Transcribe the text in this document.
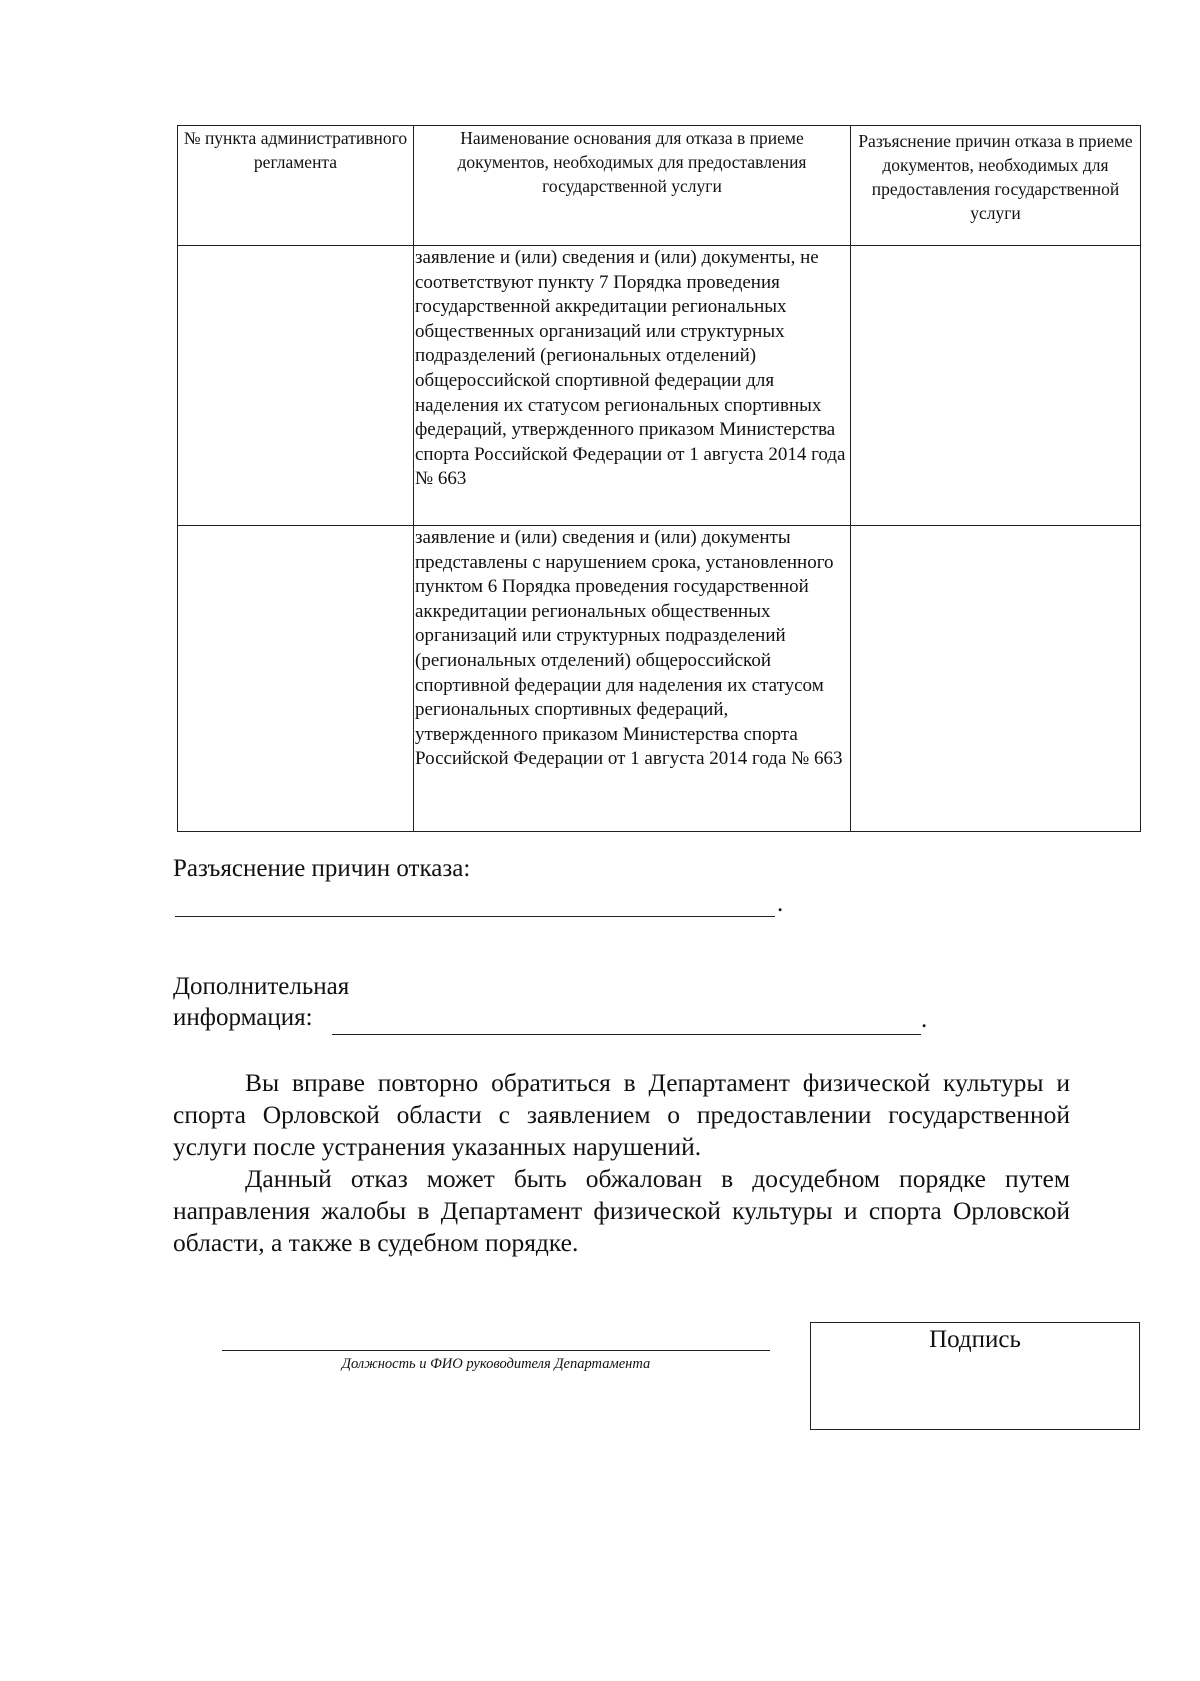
№ пункта административного регламента	Наименование основания для отказа в приеме документов, необходимых для предоставления государственной услуги	Разъяснение причин отказа в приеме документов, необходимых для предоставления государственной услуги
	заявление и (или) сведения и (или) документы, не соответствуют пункту 7 Порядка проведения государственной аккредитации региональных общественных организаций или структурных подразделений (региональных отделений) общероссийской спортивной федерации для наделения их статусом региональных спортивных федераций, утвержденного приказом Министерства спорта Российской Федерации от 1 августа 2014 года № 663	
	заявление и (или) сведения и (или) документы представлены с нарушением срока, установленного пунктом 6 Порядка проведения государственной аккредитации региональных общественных организаций или структурных подразделений (региональных отделений) общероссийской спортивной федерации для наделения их статусом региональных спортивных федераций, утвержденного приказом Министерства спорта Российской Федерации от 1 августа 2014 года № 663	
Разъяснение причин отказа:
.
Дополнительная
информация:	.
Вы вправе повторно обратиться в Департамент физической культуры и спорта Орловской области с заявлением о предоставлении государственной услуги после устранения указанных нарушений.
Данный отказ может быть обжалован в досудебном порядке путем направления жалобы в Департамент физической культуры и спорта Орловской области, а также в судебном порядке.
Должность и ФИО руководителя Департамента
Подпись
